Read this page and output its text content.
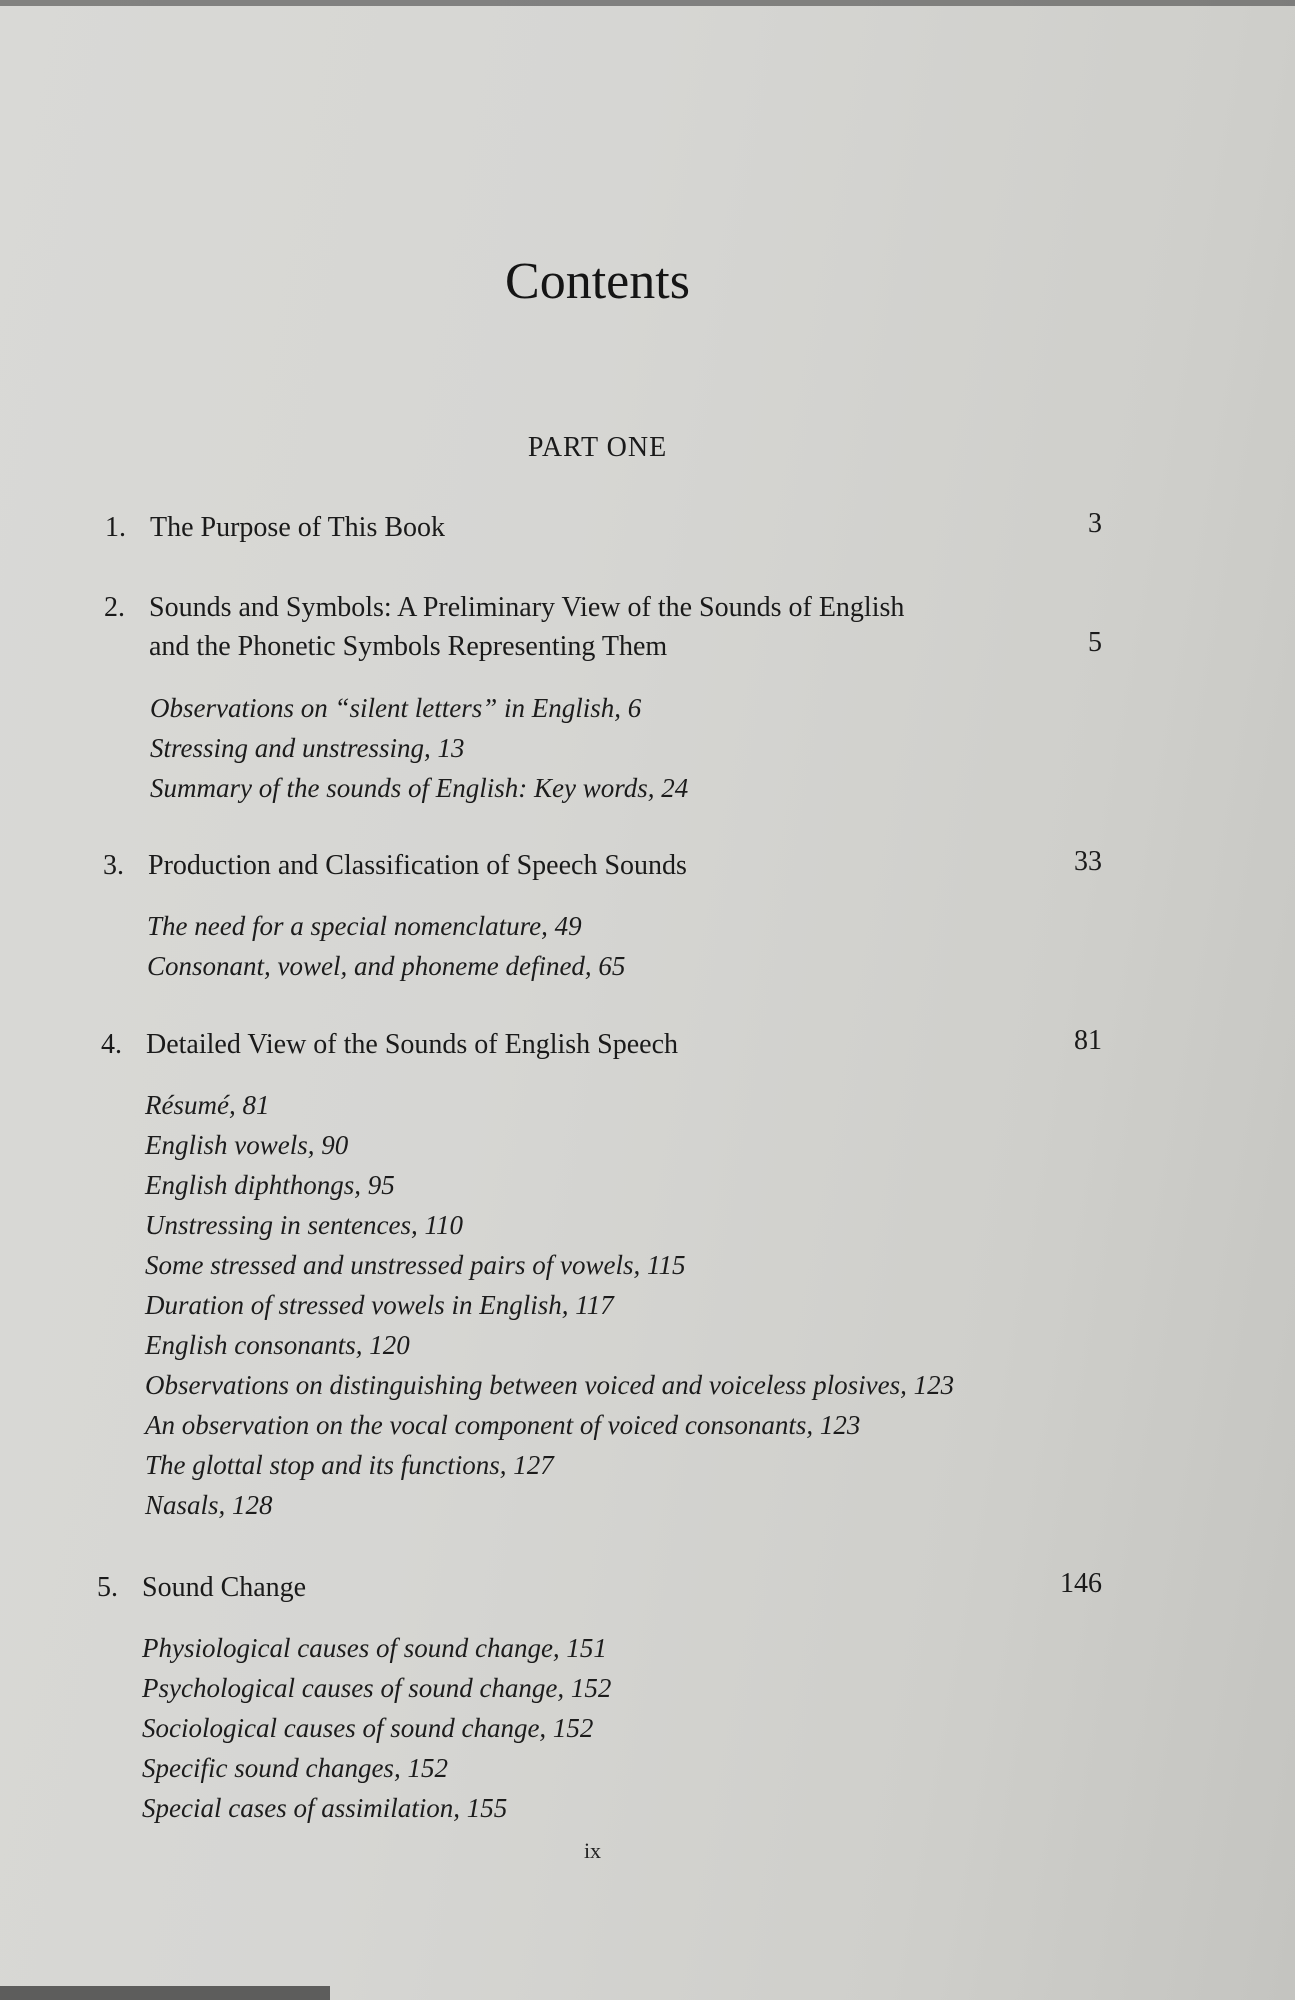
Contents
PART ONE
1. The Purpose of This Book	3
2. Sounds and Symbols: A Preliminary View of the Sounds of English
and the Phonetic Symbols Representing Them	5
Observations on “silent letters” in English, 6
Stressing and unstressing, 13
Summary of the sounds of English: Key words, 24
3. Production and Classification of Speech Sounds	33
The need for a special nomenclature, 49
Consonant, vowel, and phoneme defined, 65
4. Detailed View of the Sounds of English Speech	81
Résumé, 81
English vowels, 90
English diphthongs, 95
Unstressing in sentences, 110
Some stressed and unstressed pairs of vowels, 115
Duration of stressed vowels in English, 117
English consonants, 120
Observations on distinguishing between voiced and voiceless plosives, 123
An observation on the vocal component of voiced consonants, 123
The glottal stop and its functions, 127
Nasals, 128
5. Sound Change	146
Physiological causes of sound change, 151
Psychological causes of sound change, 152
Sociological causes of sound change, 152
Specific sound changes, 152
Special cases of assimilation, 155
ix
